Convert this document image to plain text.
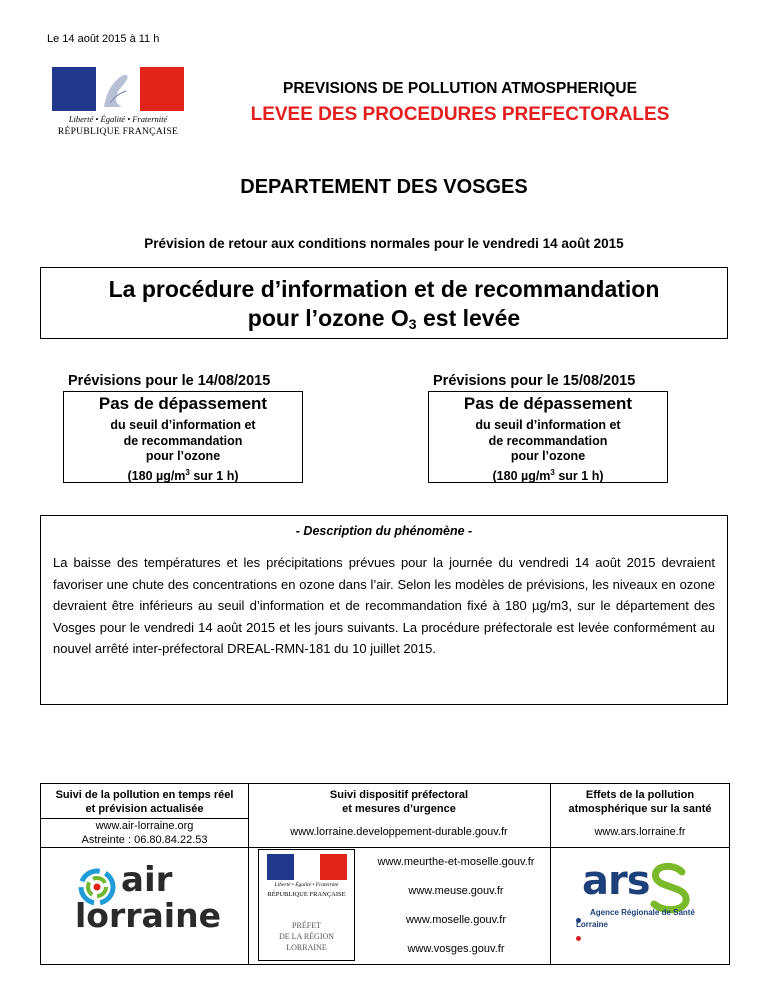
Le 14 août 2015 à 11 h
Liberté • Égalité • Fraternité
RÉPUBLIQUE FRANÇAISE
PREVISIONS DE POLLUTION ATMOSPHERIQUE
LEVEE DES PROCEDURES PREFECTORALES
DEPARTEMENT DES VOSGES
Prévision de retour aux conditions normales pour le vendredi 14 août 2015
La procédure d’information et de recommandation
pour l’ozone $O_3$ est levée
Prévisions pour le 14/08/2015
Pas de dépassement
du seuil d’information et
de recommandation
pour l’ozone
(180 $\mu g/m^3$ sur 1 h)
Prévisions pour le 15/08/2015
Pas de dépassement
du seuil d’information et
de recommandation
pour l’ozone
(180 $\mu g/m^3$ sur 1 h)
- Description du phénomène -
La baisse des températures et les précipitations prévues pour la journée du vendredi 14 août 2015 devraient favoriser une chute des concentrations en ozone dans l’air. Selon les modèles de prévisions, les niveaux en ozone devraient être inférieurs au seuil d’information et de recommandation fixé à 180 µg/m3, sur le département des Vosges pour le vendredi 14 août 2015 et les jours suivants. La procédure préfectorale est levée conformément au nouvel arrêté inter-préfectoral DREAL-RMN-181 du 10 juillet 2015.
Suivi de la pollution en temps réel
et prévision actualisée
www.air-lorraine.org
Astreinte : 06.80.84.22.53
air
lorraine
Suivi dispositif préfectoral
et mesures d’urgence
www.lorraine.developpement-durable.gouv.fr
Liberté • Égalité • Fraternité
RÉPUBLIQUE FRANÇAISE
PRÉFET
DE LA RÉGION
LORRAINE
www.meurthe-et-moselle.gouv.fr
www.meuse.gouv.fr
www.moselle.gouv.fr
www.vosges.gouv.fr
Effets de la pollution
atmosphérique sur la santé
www.ars.lorraine.fr
ars

Agence Régionale de Santé
Lorraine
